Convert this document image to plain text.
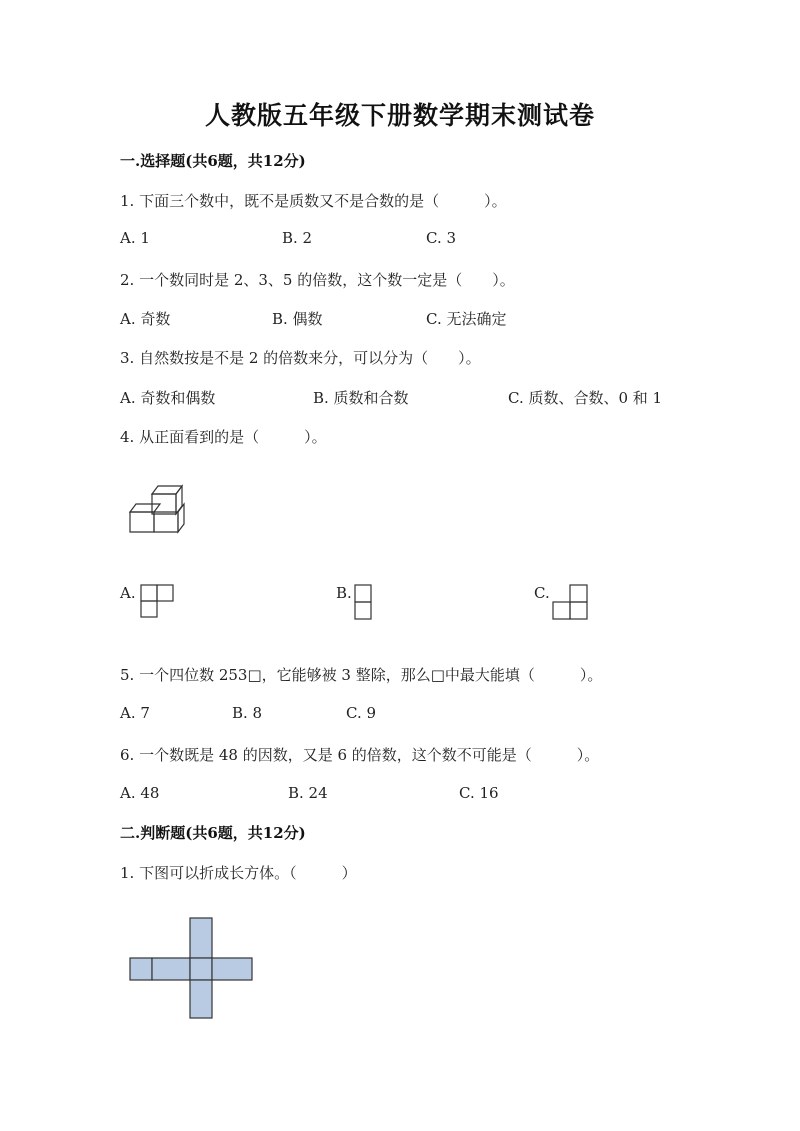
人教版五年级下册数学期末测试卷
一.选择题(共6题，共12分)
1. 下面三个数中，既不是质数又不是合数的是（　　　）。
A. 1	B. 2	C. 3
2. 一个数同时是 2、3、5 的倍数，这个数一定是（　　）。
A. 奇数	B. 偶数	C. 无法确定
3. 自然数按是不是 2 的倍数来分，可以分为（　　）。
A. 奇数和偶数	B. 质数和合数	C. 质数、合数、0 和 1
4. 从正面看到的是（　　　）。
A.	B.	C.
5. 一个四位数 253□，它能够被 3 整除，那么□中最大能填（　　　）。
A. 7	B. 8	C. 9
6. 一个数既是 48 的因数，又是 6 的倍数，这个数不可能是（　　　）。
A. 48	B. 24	C. 16
二.判断题(共6题，共12分)
1. 下图可以折成长方体。（　　　）
